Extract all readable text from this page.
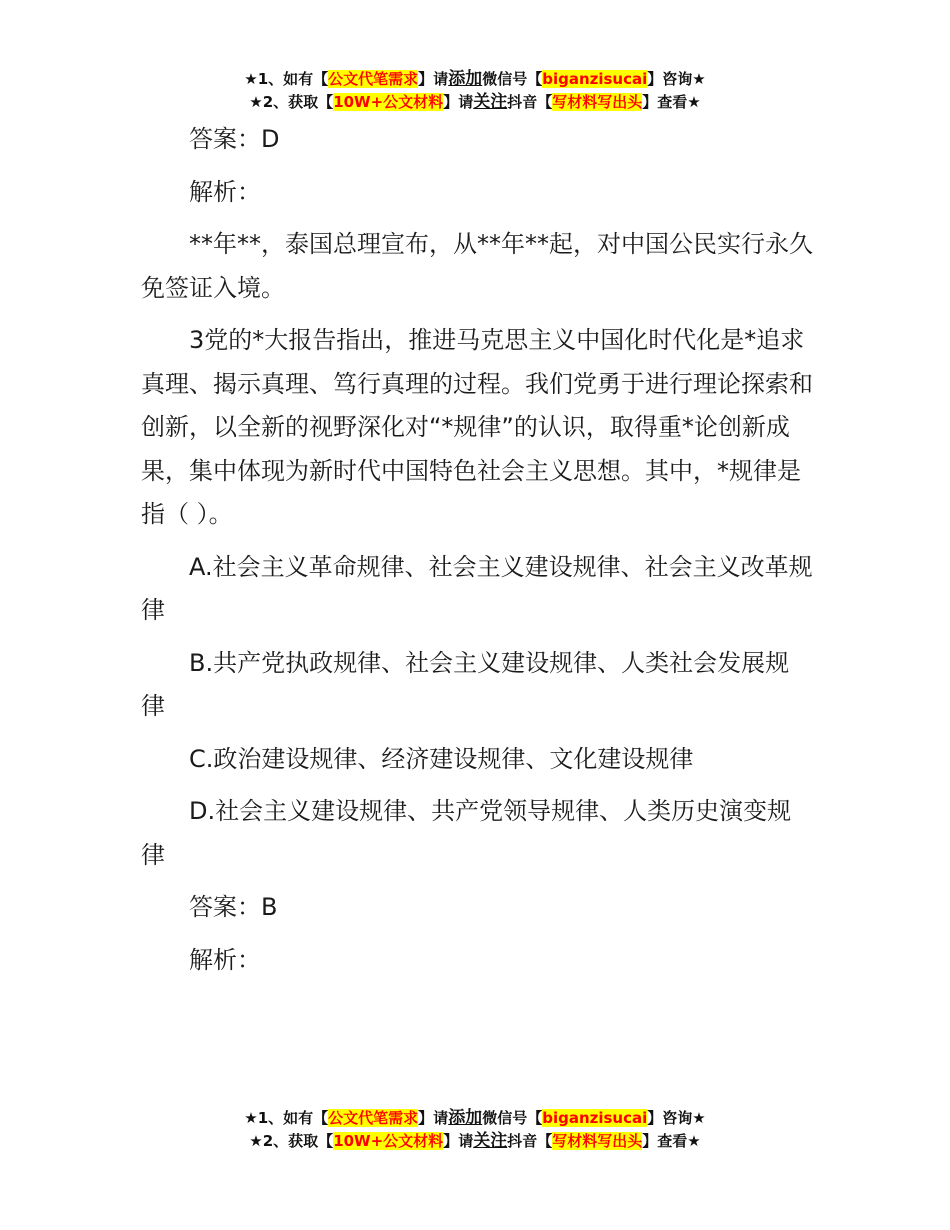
★1、如有【公文代笔需求】请添加微信号【biganzisucai】咨询★
★2、获取【10W+公文材料】请关注抖音【写材料写出头】查看★

答案：D

解析：

**年**，泰国总理宣布，从**年**起，对中国公民实行永久免签证入境。

3党的*大报告指出，推进马克思主义中国化时代化是*追求真理、揭示真理、笃行真理的过程。我们党勇于进行理论探索和创新，以全新的视野深化对“*规律”的认识，取得重*论创新成果，集中体现为新时代中国特色社会主义思想。其中，*规律是指（ ）。

A.社会主义革命规律、社会主义建设规律、社会主义改革规律

B.共产党执政规律、社会主义建设规律、人类社会发展规律

C.政治建设规律、经济建设规律、文化建设规律

D.社会主义建设规律、共产党领导规律、人类历史演变规律

答案：B

解析：

★1、如有【公文代笔需求】请添加微信号【biganzisucai】咨询★
★2、获取【10W+公文材料】请关注抖音【写材料写出头】查看★
